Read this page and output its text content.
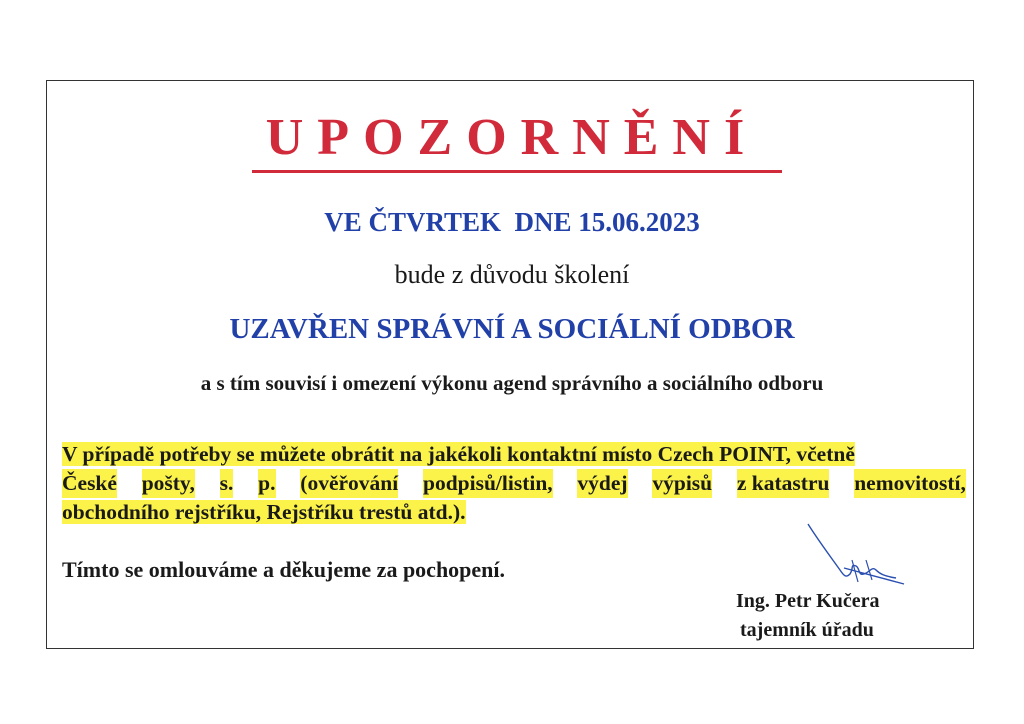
UPOZORNĚNÍ
VE ČTVRTEK  DNE 15.06.2023
bude z důvodu školení
UZAVŘEN SPRÁVNÍ A SOCIÁLNÍ ODBOR
a s tím souvisí i omezení výkonu agend správního a sociálního odboru
V případě potřeby se můžete obrátit na jakékoli kontaktní místo Czech POINT, včetně
České pošty, s. p. (ověřování podpisů/listin, výdej výpisů z katastru nemovitostí,
obchodního rejstříku, Rejstříku trestů atd.).
Tímto se omlouváme a děkujeme za pochopení.
Ing. Petr Kučera
tajemník úřadu
